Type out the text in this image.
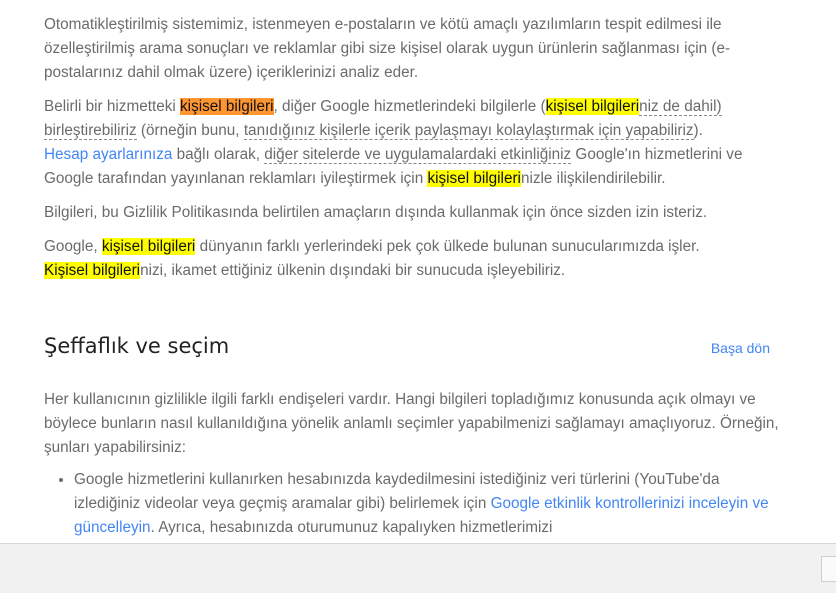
Otomatikleştirilmiş sistemimiz, istenmeyen e-postaların ve kötü amaçlı yazılımların tespit edilmesi ile özelleştirilmiş arama sonuçları ve reklamlar gibi size kişisel olarak uygun ürünlerin sağlanması için (e-postalarınız dahil olmak üzere) içeriklerinizi analiz eder.

Belirli bir hizmetteki kişisel bilgileri, diğer Google hizmetlerindeki bilgilerle (kişisel bilgileriniz de dahil)
birleştirebiliriz (örneğin bunu, tanıdığınız kişilerle içerik paylaşmayı kolaylaştırmak için yapabiliriz).
Hesap ayarlarınıza bağlı olarak, diğer sitelerde ve uygulamalardaki etkinliğiniz Google'ın hizmetlerini ve Google tarafından yayınlanan reklamları iyileştirmek için kişisel bilgilerinizle ilişkilendirilebilir.

Bilgileri, bu Gizlilik Politikasında belirtilen amaçların dışında kullanmak için önce sizden izin isteriz.

Google, kişisel bilgileri dünyanın farklı yerlerindeki pek çok ülkede bulunan sunucularımızda işler.
Kişisel bilgilerinizi, ikamet ettiğiniz ülkenin dışındaki bir sunucuda işleyebiliriz.

Şeffaflık ve seçim	Başa dön

Her kullanıcının gizlilikle ilgili farklı endişeleri vardır. Hangi bilgileri topladığımız konusunda açık olmayı ve böylece bunların nasıl kullanıldığına yönelik anlamlı seçimler yapabilmenizi sağlamayı amaçlıyoruz. Örneğin, şunları yapabilirsiniz:

• Google hizmetlerini kullanırken hesabınızda kaydedilmesini istediğiniz veri türlerini (YouTube'da izlediğiniz videolar veya geçmiş aramalar gibi) belirlemek için Google etkinlik kontrollerinizi inceleyin ve güncelleyin. Ayrıca, hesabınızda oturumunuz kapalıyken hizmetlerimizi
